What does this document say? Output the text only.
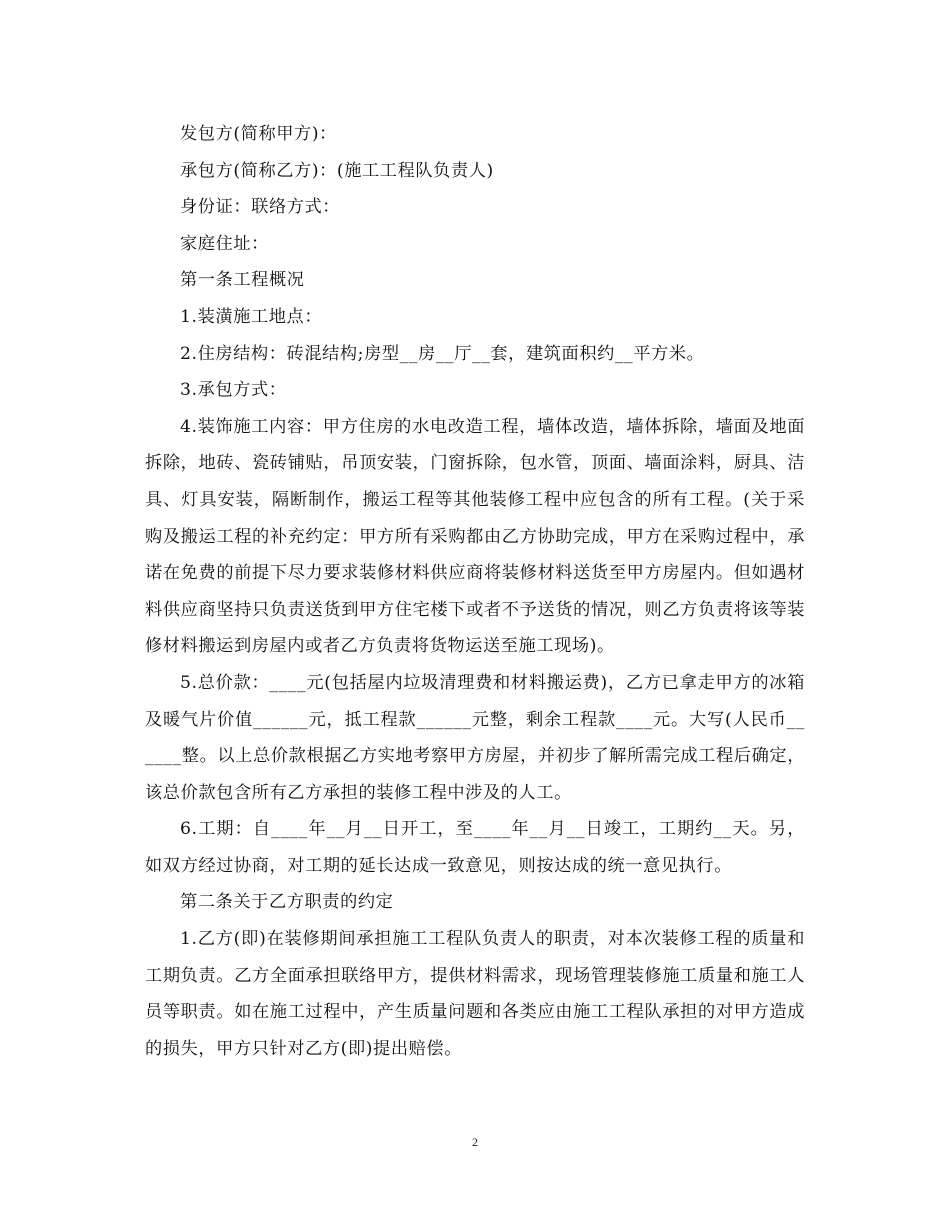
发包方(简称甲方)：

承包方(简称乙方)：(施工工程队负责人)

身份证：联络方式：

家庭住址：

第一条工程概况

1.装潢施工地点：

2.住房结构：砖混结构;房型__房__厅__套，建筑面积约__平方米。

3.承包方式：

4.装饰施工内容：甲方住房的水电改造工程，墙体改造，墙体拆除，墙面及地面拆除，地砖、瓷砖铺贴，吊顶安装，门窗拆除，包水管，顶面、墙面涂料，厨具、洁具、灯具安装，隔断制作，搬运工程等其他装修工程中应包含的所有工程。(关于采购及搬运工程的补充约定：甲方所有采购都由乙方协助完成，甲方在采购过程中，承诺在免费的前提下尽力要求装修材料供应商将装修材料送货至甲方房屋内。但如遇材料供应商坚持只负责送货到甲方住宅楼下或者不予送货的情况，则乙方负责将该等装修材料搬运到房屋内或者乙方负责将货物运送至施工现场)。

5.总价款：____元(包括屋内垃圾清理费和材料搬运费)，乙方已拿走甲方的冰箱及暖气片价值______元，抵工程款______元整，剩余工程款____元。大写(人民币______整。以上总价款根据乙方实地考察甲方房屋，并初步了解所需完成工程后确定，该总价款包含所有乙方承担的装修工程中涉及的人工。

6.工期：自____年__月__日开工，至____年__月__日竣工，工期约__天。另，如双方经过协商，对工期的延长达成一致意见，则按达成的统一意见执行。

第二条关于乙方职责的约定

1.乙方(即)在装修期间承担施工工程队负责人的职责，对本次装修工程的质量和工期负责。乙方全面承担联络甲方，提供材料需求，现场管理装修施工质量和施工人员等职责。如在施工过程中，产生质量问题和各类应由施工工程队承担的对甲方造成的损失，甲方只针对乙方(即)提出赔偿。

2
